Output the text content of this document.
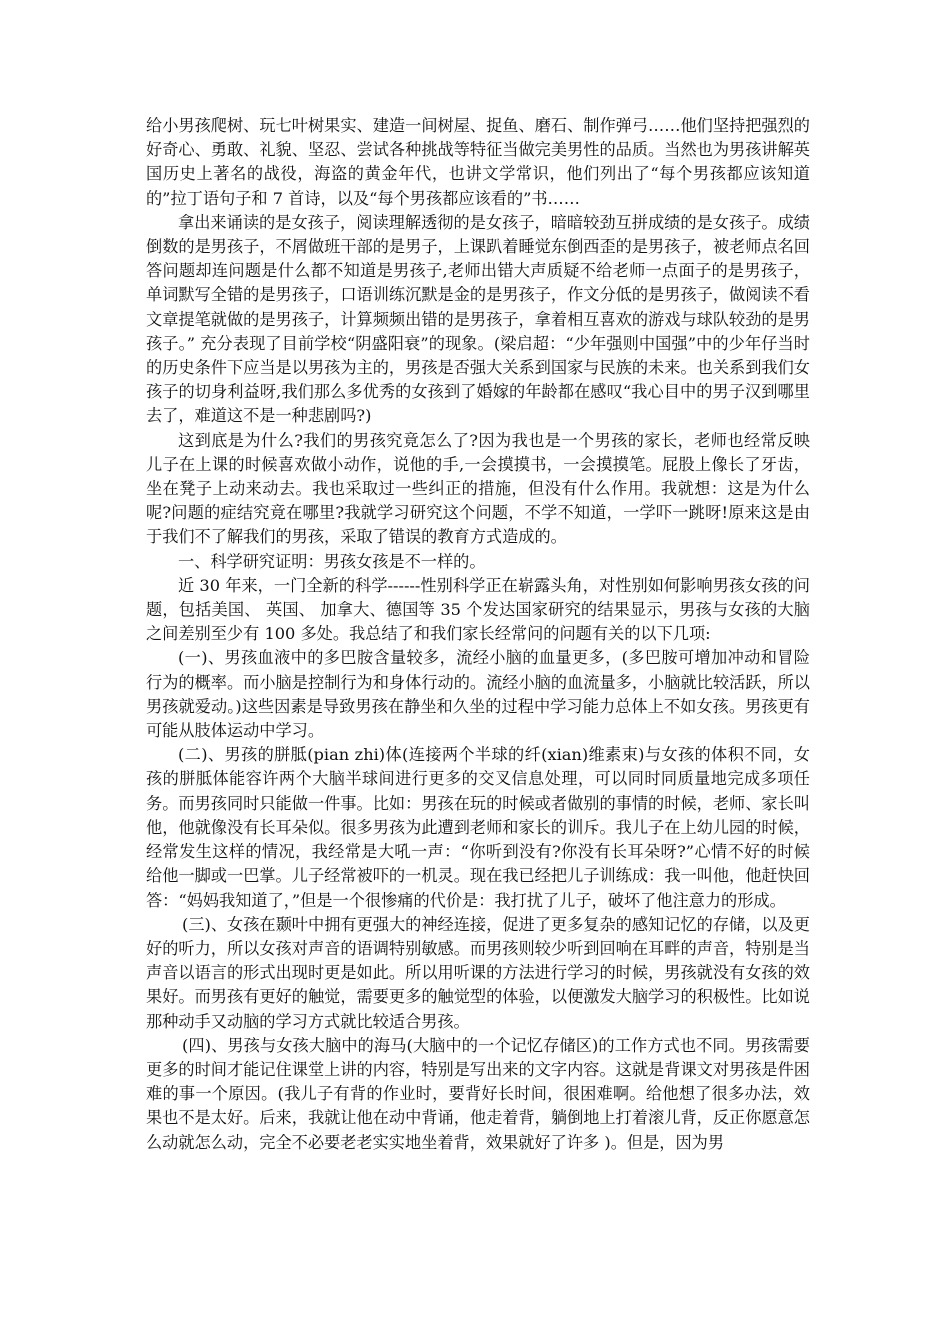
给小男孩爬树、玩七叶树果实、建造一间树屋、捉鱼、磨石、制作弹弓……他们坚持把强烈的好奇心、勇敢、礼貌、坚忍、尝试各种挑战等特征当做完美男性的品质。当然也为男孩讲解英国历史上著名的战役，海盗的黄金年代，也讲文学常识，他们列出了“每个男孩都应该知道的”拉丁语句子和 7 首诗，以及“每个男孩都应该看的”书……

拿出来诵读的是女孩子，阅读理解透彻的是女孩子，暗暗较劲互拼成绩的是女孩子。成绩倒数的是男孩子，不屑做班干部的是男子，上课趴着睡觉东倒西歪的是男孩子，被老师点名回答问题却连问题是什么都不知道是男孩子,老师出错大声质疑不给老师一点面子的是男孩子，单词默写全错的是男孩子，口语训练沉默是金的是男孩子，作文分低的是男孩子，做阅读不看文章提笔就做的是男孩子，计算频频出错的是男孩子，拿着相互喜欢的游戏与球队较劲的是男孩子。” 充分表现了目前学校“阴盛阳衰”的现象。(梁启超：“少年强则中国强”中的少年仔当时的历史条件下应当是以男孩为主的，男孩是否强大关系到国家与民族的未来。也关系到我们女孩子的切身利益呀,我们那么多优秀的女孩到了婚嫁的年龄都在感叹“我心目中的男子汉到哪里去了，难道这不是一种悲剧吗?)

这到底是为什么?我们的男孩究竟怎么了?因为我也是一个男孩的家长，老师也经常反映儿子在上课的时候喜欢做小动作，说他的手,一会摸摸书，一会摸摸笔。屁股上像长了牙齿，坐在凳子上动来动去。我也采取过一些纠正的措施，但没有什么作用。我就想：这是为什么呢?问题的症结究竟在哪里?我就学习研究这个问题，不学不知道，一学吓一跳呀!原来这是由于我们不了解我们的男孩，采取了错误的教育方式造成的。

一、科学研究证明：男孩女孩是不一样的。

近 30 年来，一门全新的科学------性别科学正在崭露头角，对性别如何影响男孩女孩的问题，包括美国、 英国、 加拿大、德国等 35 个发达国家研究的结果显示，男孩与女孩的大脑之间差别至少有 100 多处。我总结了和我们家长经常问的问题有关的以下几项:

(一)、男孩血液中的多巴胺含量较多，流经小脑的血量更多，(多巴胺可增加冲动和冒险行为的概率。而小脑是控制行为和身体行动的。流经小脑的血流量多，小脑就比较活跃，所以男孩就爱动。)这些因素是导致男孩在静坐和久坐的过程中学习能力总体上不如女孩。男孩更有可能从肢体运动中学习。

(二)、男孩的胼胝(pian zhi)体(连接两个半球的纤(xian)维素束)与女孩的体积不同，女孩的胼胝体能容许两个大脑半球间进行更多的交叉信息处理，可以同时同质量地完成多项任务。而男孩同时只能做一件事。比如：男孩在玩的时候或者做别的事情的时候，老师、家长叫他，他就像没有长耳朵似。很多男孩为此遭到老师和家长的训斥。我儿子在上幼儿园的时候，经常发生这样的情况，我经常是大吼一声：“你听到没有?你没有长耳朵呀?”心情不好的时候给他一脚或一巴掌。儿子经常被吓的一机灵。现在我已经把儿子训练成：我一叫他，他赶快回答：“妈妈我知道了，”但是一个很惨痛的代价是：我打扰了儿子，破坏了他注意力的形成。

(三)、女孩在颞叶中拥有更强大的神经连接，促进了更多复杂的感知记忆的存储，以及更好的听力，所以女孩对声音的语调特别敏感。而男孩则较少听到回响在耳畔的声音，特别是当声音以语言的形式出现时更是如此。所以用听课的方法进行学习的时候，男孩就没有女孩的效果好。而男孩有更好的触觉，需要更多的触觉型的体验，以便激发大脑学习的积极性。比如说那种动手又动脑的学习方式就比较适合男孩。

(四)、男孩与女孩大脑中的海马(大脑中的一个记忆存储区)的工作方式也不同。男孩需要更多的时间才能记住课堂上讲的内容，特别是写出来的文字内容。这就是背课文对男孩是件困难的事一个原因。(我儿子有背的作业时，要背好长时间，很困难啊。给他想了很多办法，效果也不是太好。后来，我就让他在动中背诵，他走着背，躺倒地上打着滚儿背，反正你愿意怎么动就怎么动，完全不必要老老实实地坐着背，效果就好了许多 )。但是，因为男
